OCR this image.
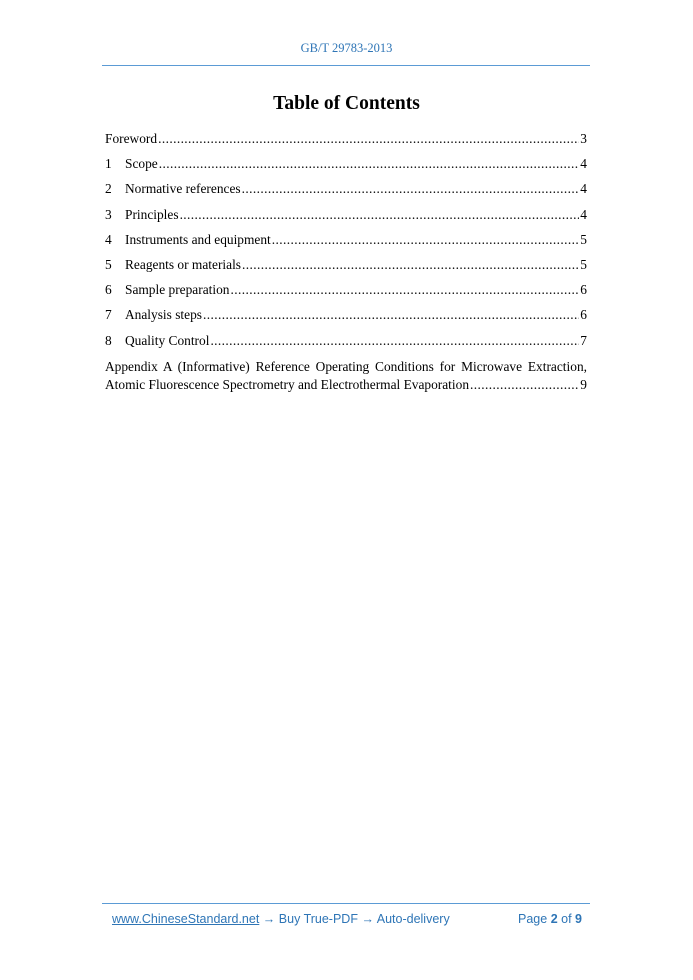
GB/T 29783-2013
Table of Contents
Foreword .....	3
1 Scope .....	4
2 Normative references .....	4
3 Principles .....	4
4 Instruments and equipment .....	5
5 Reagents or materials .....	5
6 Sample preparation .....	6
7 Analysis steps .....	6
8 Quality Control .....	7
Appendix A (Informative) Reference Operating Conditions for Microwave Extraction,
Atomic Fluorescence Spectrometry and Electrothermal Evaporation .....	9
www.ChineseStandard.net → Buy True-PDF → Auto-delivery	Page 2 of 9
